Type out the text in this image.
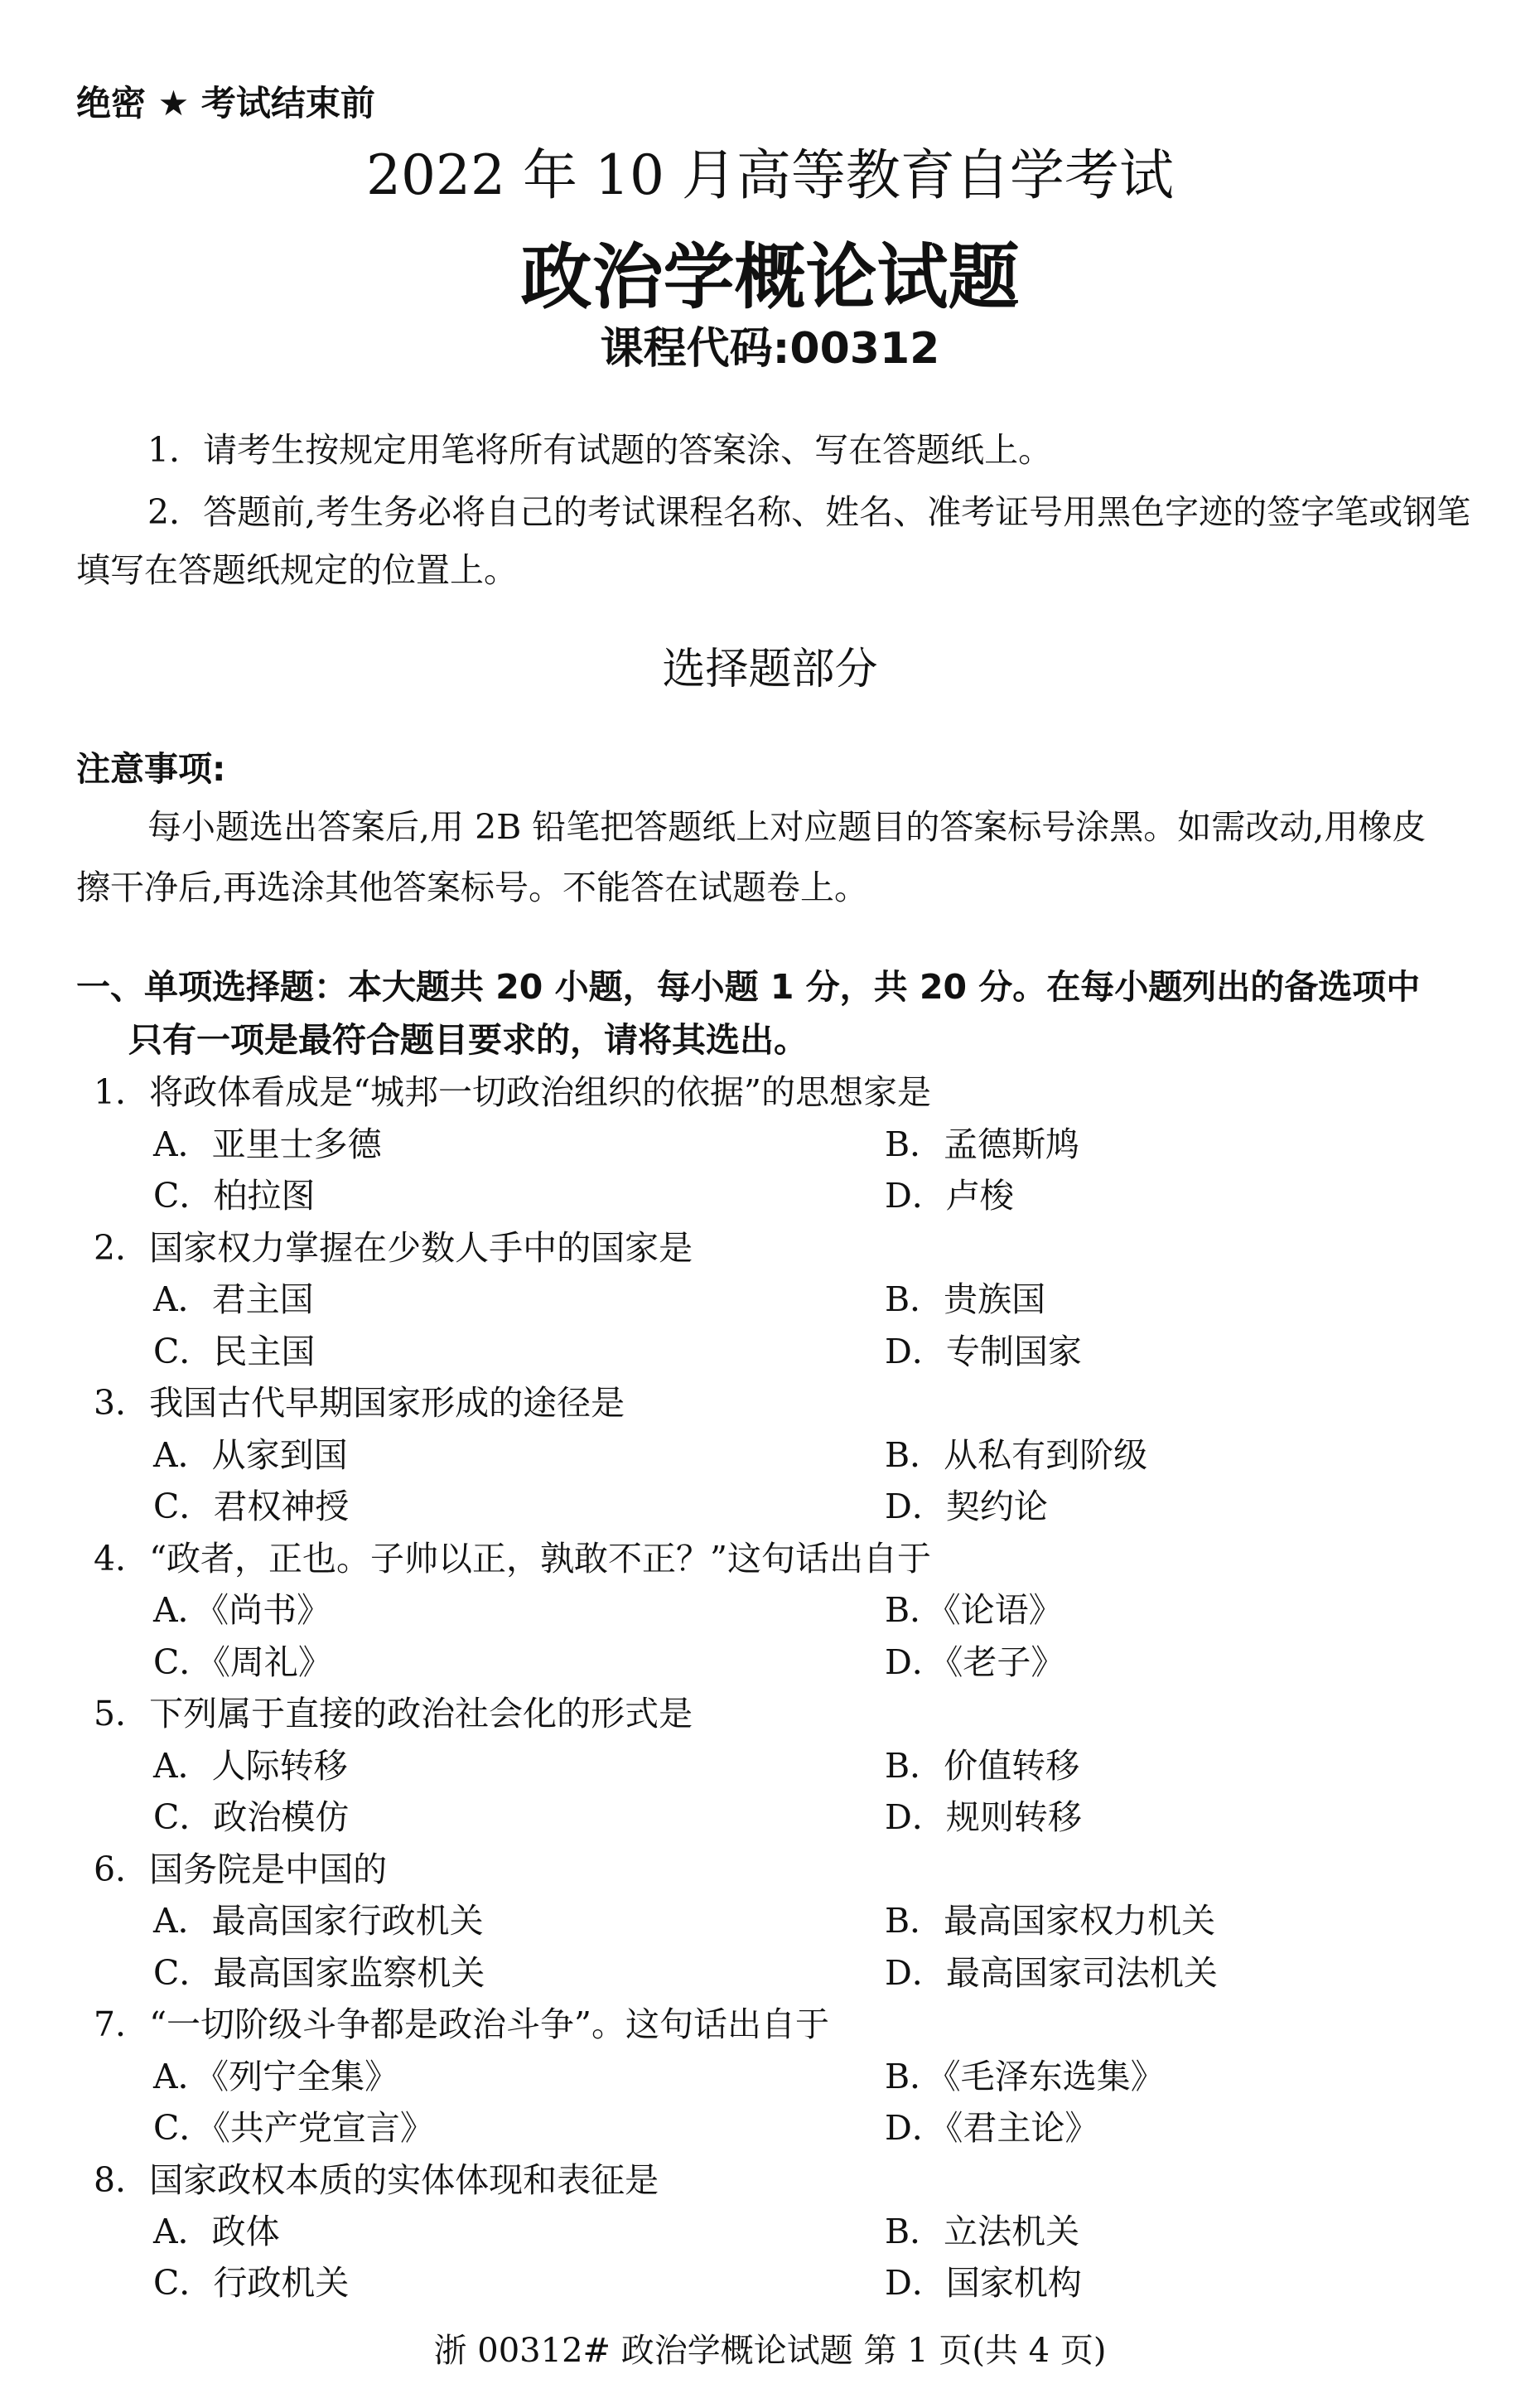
绝密 ★ 考试结束前
2022 年 10 月高等教育自学考试
政治学概论试题
课程代码:00312
1．请考生按规定用笔将所有试题的答案涂、写在答题纸上。
2．答题前,考生务必将自己的考试课程名称、姓名、准考证号用黑色字迹的签字笔或钢笔
填写在答题纸规定的位置上。
选择题部分
注意事项:
每小题选出答案后,用 2B 铅笔把答题纸上对应题目的答案标号涂黑。如需改动,用橡皮
擦干净后,再选涂其他答案标号。不能答在试题卷上。
一、单项选择题：本大题共 20 小题，每小题 1 分，共 20 分。在每小题列出的备选项中
只有一项是最符合题目要求的，请将其选出。
1．将政体看成是“城邦一切政治组织的依据”的思想家是
A．亚里士多德	B．孟德斯鸠
C．柏拉图	D．卢梭
2．国家权力掌握在少数人手中的国家是
A．君主国	B．贵族国
C．民主国	D．专制国家
3．我国古代早期国家形成的途径是
A．从家到国	B．从私有到阶级
C．君权神授	D．契约论
4．“政者，正也。子帅以正，孰敢不正？”这句话出自于
A．《尚书》	B．《论语》
C．《周礼》	D．《老子》
5．下列属于直接的政治社会化的形式是
A．人际转移	B．价值转移
C．政治模仿	D．规则转移
6．国务院是中国的
A．最高国家行政机关	B．最高国家权力机关
C．最高国家监察机关	D．最高国家司法机关
7．“一切阶级斗争都是政治斗争”。这句话出自于
A．《列宁全集》	B．《毛泽东选集》
C．《共产党宣言》	D．《君主论》
8．国家政权本质的实体体现和表征是
A．政体	B．立法机关
C．行政机关	D．国家机构
浙 00312# 政治学概论试题 第 1 页(共 4 页)
